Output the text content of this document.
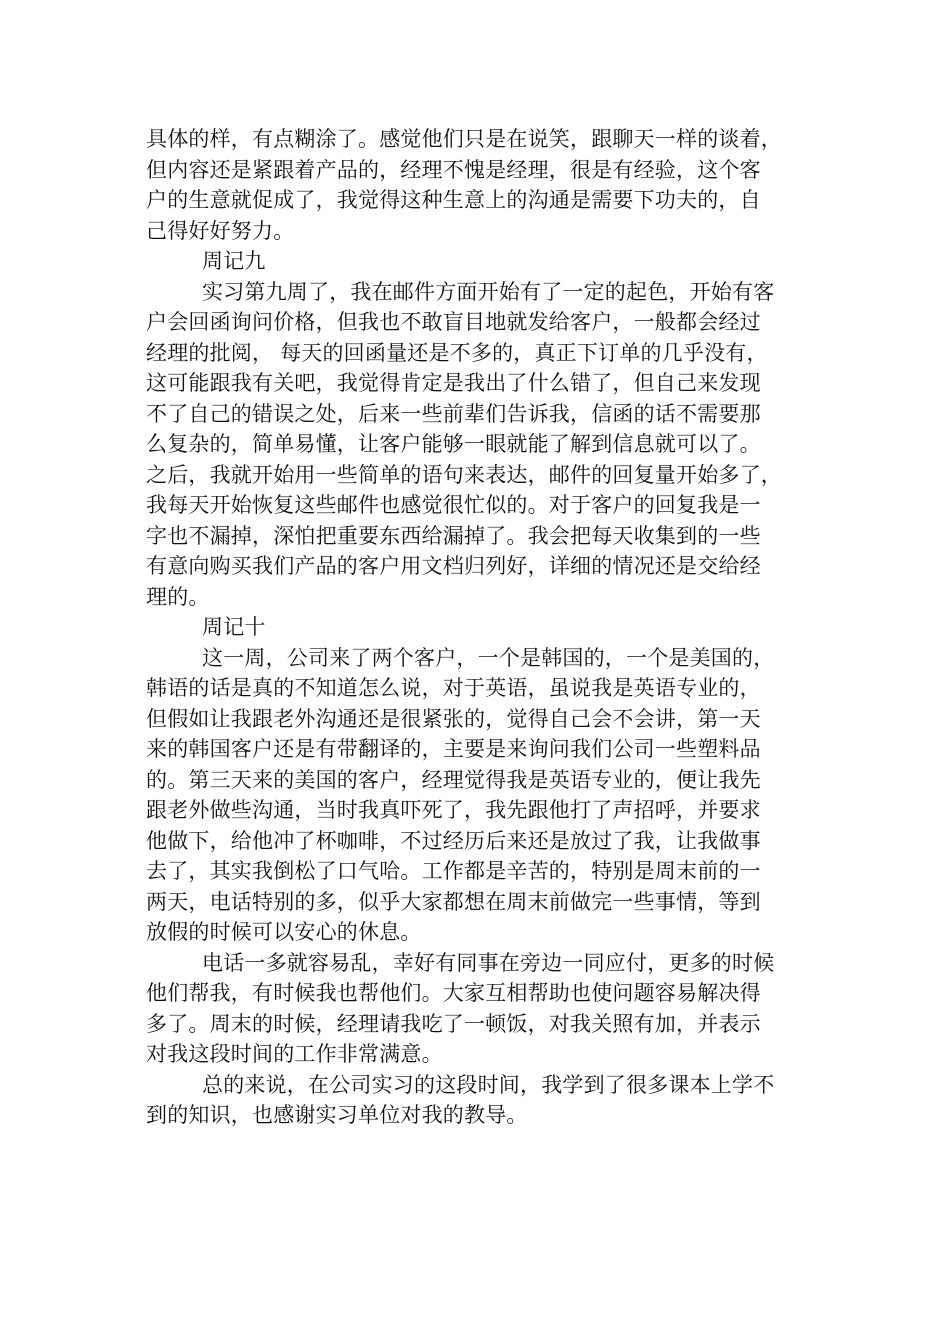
具体的样，有点糊涂了。感觉他们只是在说笑，跟聊天一样的谈着，
但内容还是紧跟着产品的，经理不愧是经理，很是有经验，这个客
户的生意就促成了，我觉得这种生意上的沟通是需要下功夫的，自
己得好好努力。
周记九
实习第九周了，我在邮件方面开始有了一定的起色，开始有客
户会回函询问价格，但我也不敢盲目地就发给客户，一般都会经过
经理的批阅， 每天的回函量还是不多的，真正下订单的几乎没有，
这可能跟我有关吧，我觉得肯定是我出了什么错了，但自己来发现
不了自己的错误之处，后来一些前辈们告诉我，信函的话不需要那
么复杂的，简单易懂，让客户能够一眼就能了解到信息就可以了。
之后，我就开始用一些简单的语句来表达，邮件的回复量开始多了，
我每天开始恢复这些邮件也感觉很忙似的。对于客户的回复我是一
字也不漏掉，深怕把重要东西给漏掉了。我会把每天收集到的一些
有意向购买我们产品的客户用文档归列好，详细的情况还是交给经
理的。
周记十
这一周，公司来了两个客户，一个是韩国的，一个是美国的，
韩语的话是真的不知道怎么说，对于英语，虽说我是英语专业的，
但假如让我跟老外沟通还是很紧张的，觉得自己会不会讲，第一天
来的韩国客户还是有带翻译的，主要是来询问我们公司一些塑料品
的。第三天来的美国的客户，经理觉得我是英语专业的，便让我先
跟老外做些沟通，当时我真吓死了，我先跟他打了声招呼，并要求
他做下，给他冲了杯咖啡，不过经历后来还是放过了我，让我做事
去了，其实我倒松了口气哈。工作都是辛苦的，特别是周末前的一
两天，电话特别的多，似乎大家都想在周末前做完一些事情，等到
放假的时候可以安心的休息。
电话一多就容易乱，幸好有同事在旁边一同应付，更多的时候
他们帮我，有时候我也帮他们。大家互相帮助也使问题容易解决得
多了。周末的时候，经理请我吃了一顿饭，对我关照有加，并表示
对我这段时间的工作非常满意。
总的来说，在公司实习的这段时间，我学到了很多课本上学不
到的知识，也感谢实习单位对我的教导。
